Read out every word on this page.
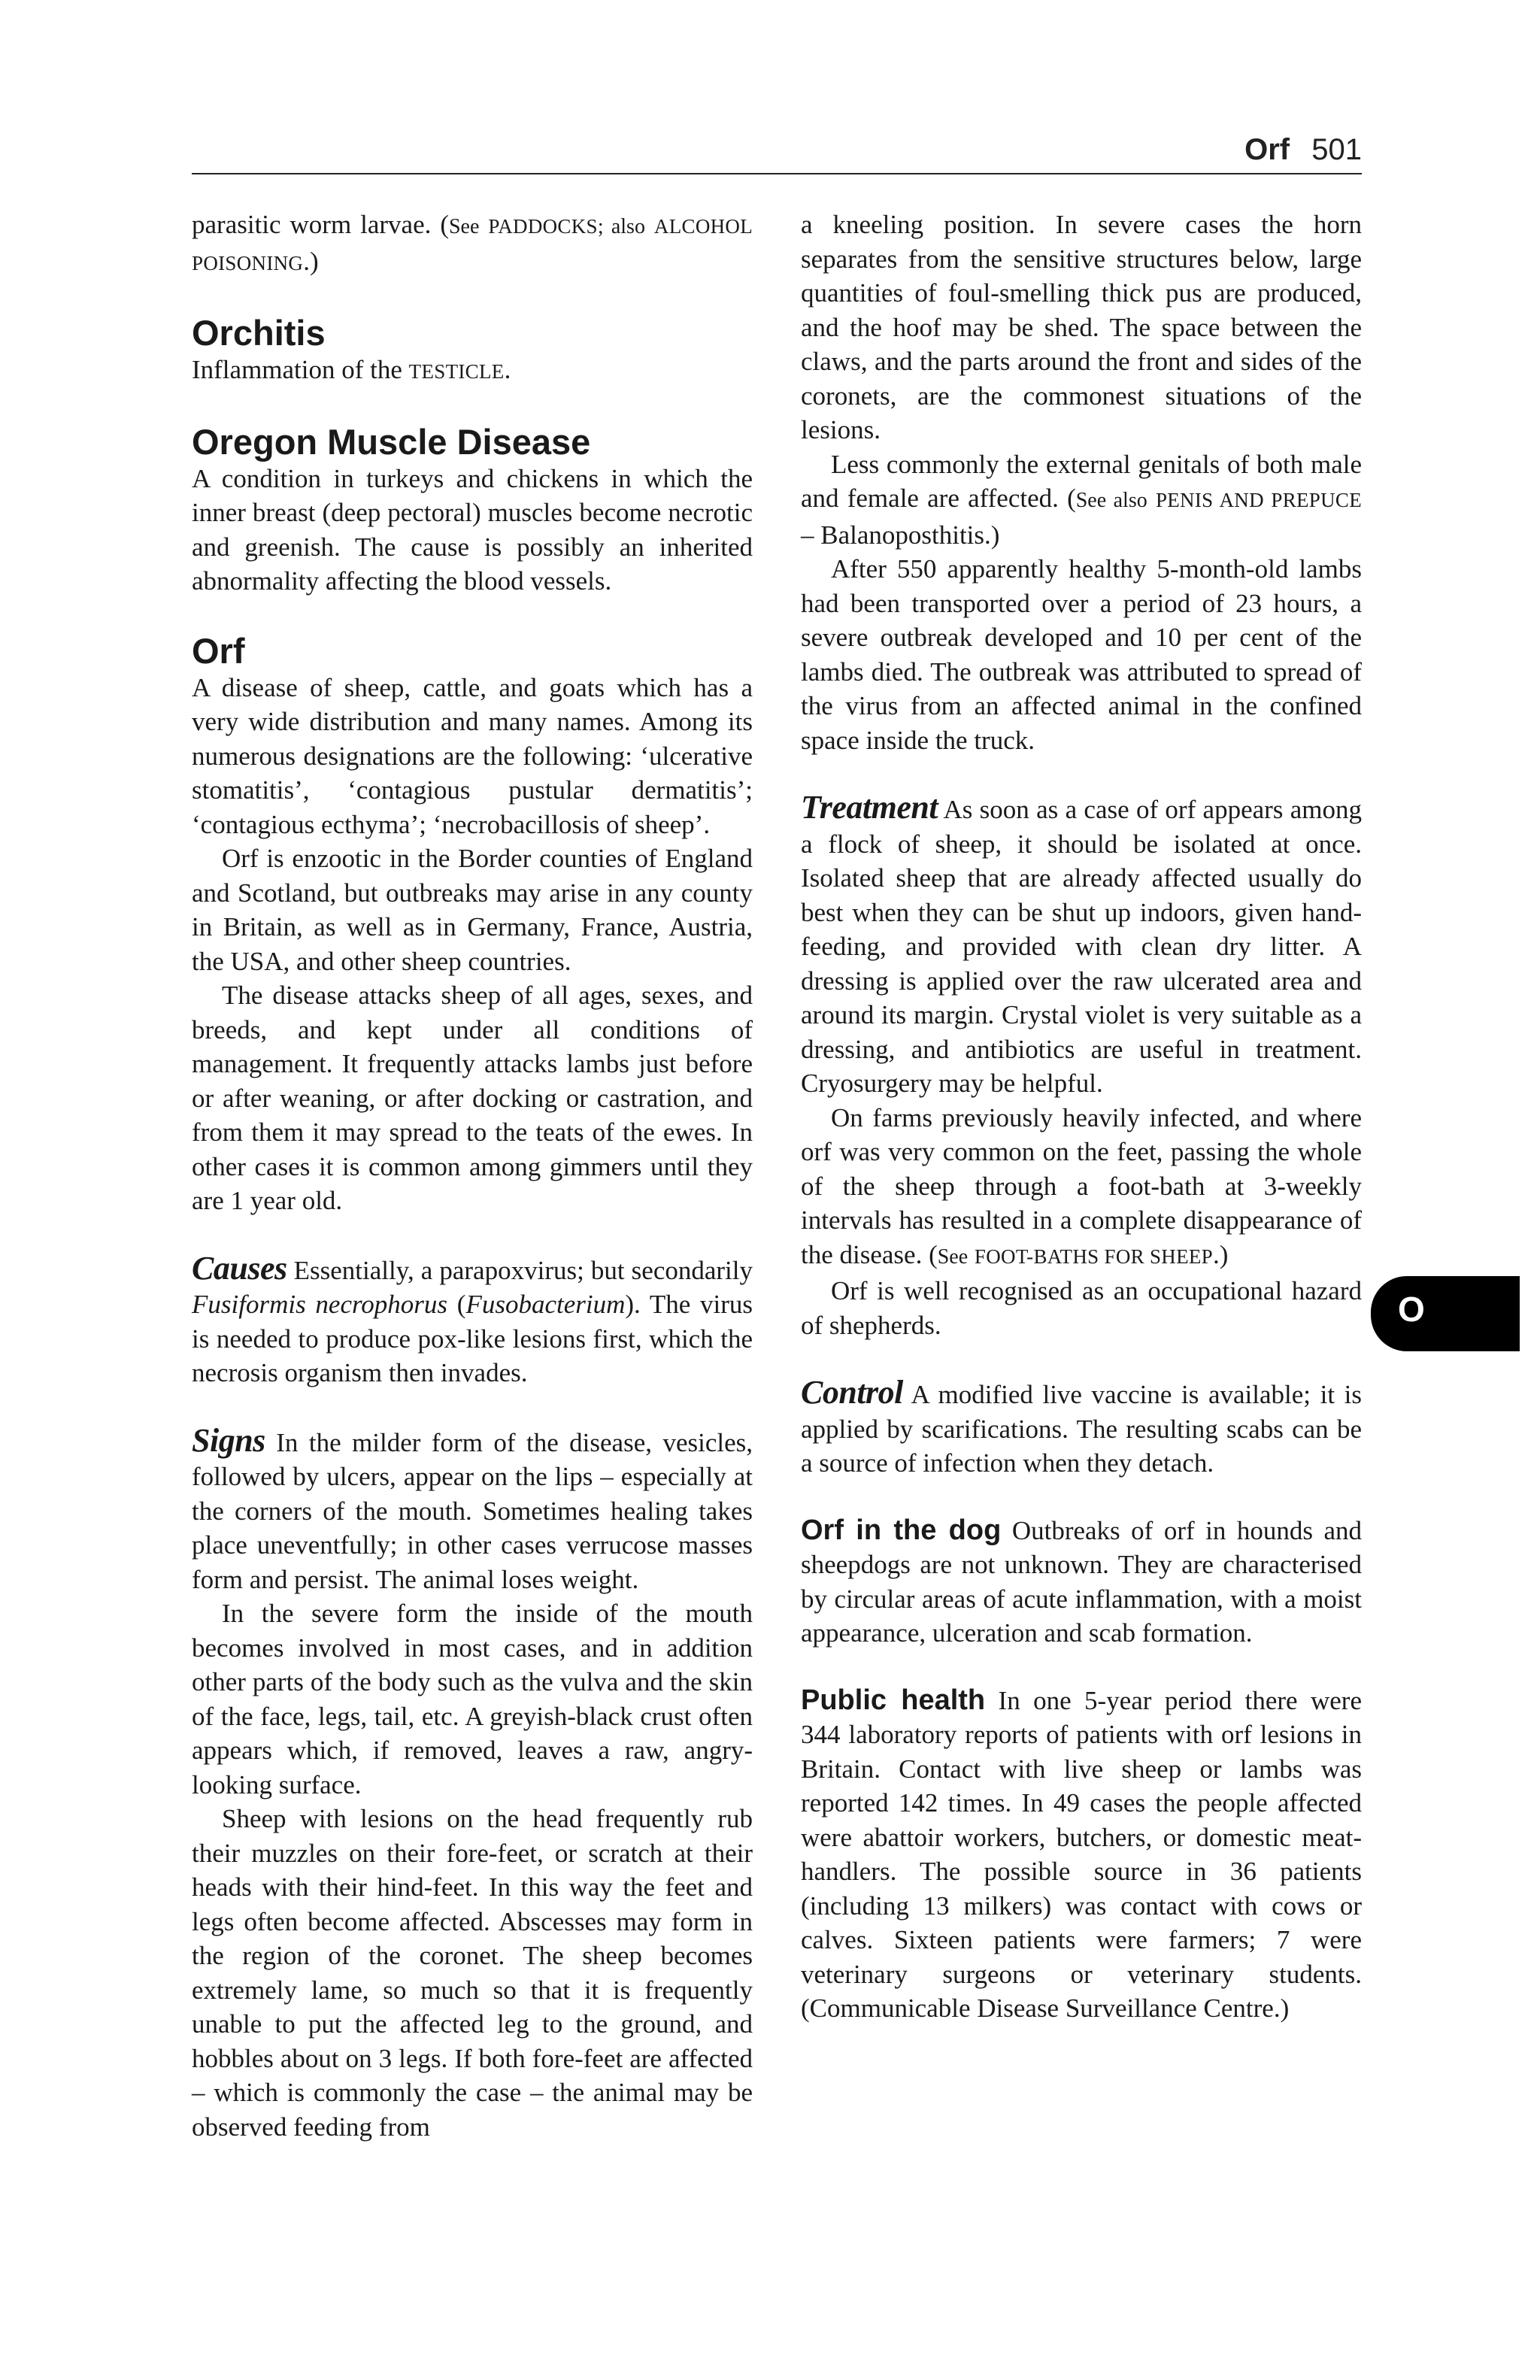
Orf 501

parasitic worm larvae. (See PADDOCKS; also ALCOHOL POISONING.)

Orchitis

Inflammation of the TESTICLE.

Oregon Muscle Disease

A condition in turkeys and chickens in which the inner breast (deep pectoral) muscles become necrotic and greenish. The cause is possibly an inherited abnormality affecting the blood vessels.

Orf

A disease of sheep, cattle, and goats which has a very wide distribution and many names. Among its numerous designations are the following: ‘ulcerative stomatitis’, ‘contagious pustular dermatitis’; ‘contagious ecthyma’; ‘necrobacillosis of sheep’.

Orf is enzootic in the Border counties of England and Scotland, but outbreaks may arise in any county in Britain, as well as in Germany, France, Austria, the USA, and other sheep countries.

The disease attacks sheep of all ages, sexes, and breeds, and kept under all conditions of management. It frequently attacks lambs just before or after weaning, or after docking or castration, and from them it may spread to the teats of the ewes. In other cases it is common among gimmers until they are 1 year old.

Causes Essentially, a parapoxvirus; but secondarily Fusiformis necrophorus (Fusobacterium). The virus is needed to produce pox-like lesions first, which the necrosis organism then invades.

Signs In the milder form of the disease, vesicles, followed by ulcers, appear on the lips – especially at the corners of the mouth. Sometimes healing takes place uneventfully; in other cases verrucose masses form and persist. The animal loses weight.

In the severe form the inside of the mouth becomes involved in most cases, and in addition other parts of the body such as the vulva and the skin of the face, legs, tail, etc. A greyish-black crust often appears which, if removed, leaves a raw, angry-looking surface.

Sheep with lesions on the head frequently rub their muzzles on their fore-feet, or scratch at their heads with their hind-feet. In this way the feet and legs often become affected. Abscesses may form in the region of the coronet. The sheep becomes extremely lame, so much so that it is frequently unable to put the affected leg to the ground, and hobbles about on 3 legs. If both fore-feet are affected – which is commonly the case – the animal may be observed feeding from

a kneeling position. In severe cases the horn separates from the sensitive structures below, large quantities of foul-smelling thick pus are produced, and the hoof may be shed. The space between the claws, and the parts around the front and sides of the coronets, are the commonest situations of the lesions.

Less commonly the external genitals of both male and female are affected. (See also PENIS AND PREPUCE – Balanoposthitis.)

After 550 apparently healthy 5-month-old lambs had been transported over a period of 23 hours, a severe outbreak developed and 10 per cent of the lambs died. The outbreak was attributed to spread of the virus from an affected animal in the confined space inside the truck.

Treatment As soon as a case of orf appears among a flock of sheep, it should be isolated at once. Isolated sheep that are already affected usually do best when they can be shut up indoors, given hand-feeding, and provided with clean dry litter. A dressing is applied over the raw ulcerated area and around its margin. Crystal violet is very suitable as a dressing, and antibiotics are useful in treatment. Cryosurgery may be helpful.

On farms previously heavily infected, and where orf was very common on the feet, passing the whole of the sheep through a foot-bath at 3-weekly intervals has resulted in a complete disappearance of the disease. (See FOOT-BATHS FOR SHEEP.)

Orf is well recognised as an occupational hazard of shepherds.

Control A modified live vaccine is available; it is applied by scarifications. The resulting scabs can be a source of infection when they detach.

Orf in the dog Outbreaks of orf in hounds and sheepdogs are not unknown. They are characterised by circular areas of acute inflammation, with a moist appearance, ulceration and scab formation.

Public health In one 5-year period there were 344 laboratory reports of patients with orf lesions in Britain. Contact with live sheep or lambs was reported 142 times. In 49 cases the people affected were abattoir workers, butchers, or domestic meat-handlers. The possible source in 36 patients (including 13 milkers) was contact with cows or calves. Sixteen patients were farmers; 7 were veterinary surgeons or veterinary students. (Communicable Disease Surveillance Centre.)

O
